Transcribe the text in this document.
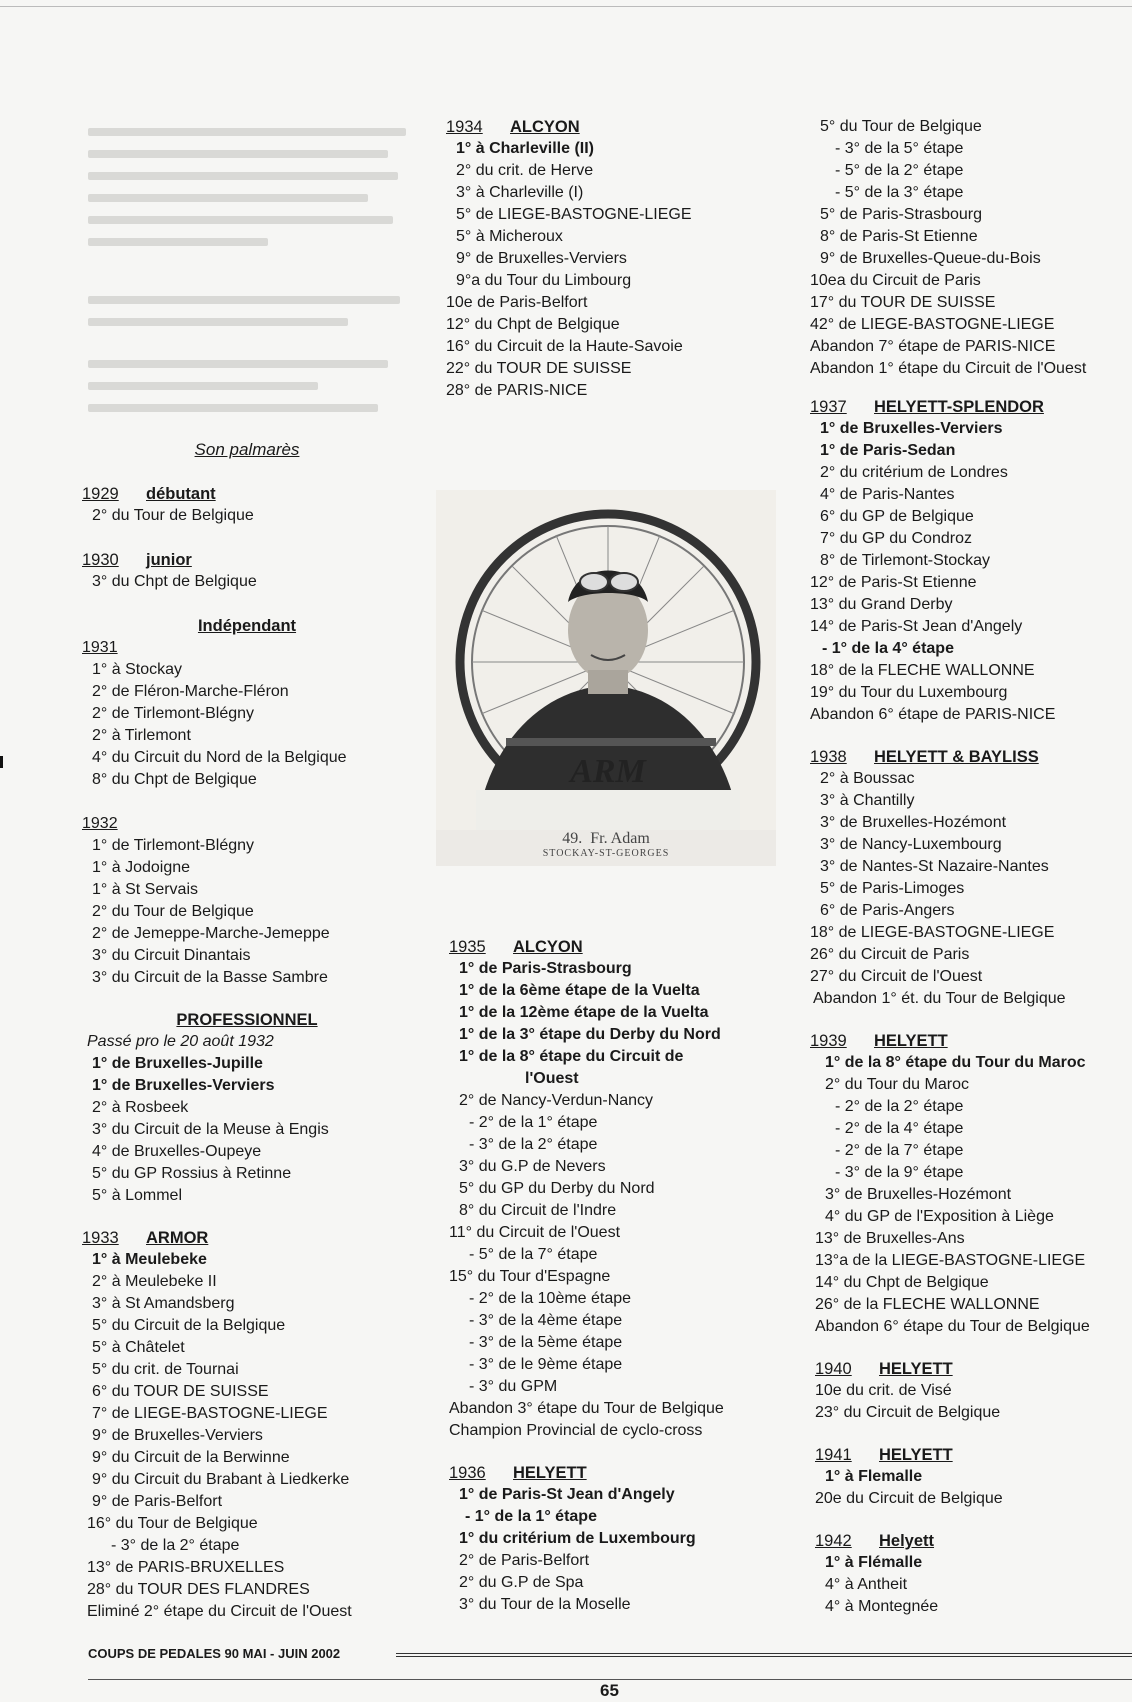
Son palmarès
1929 débutant
2° du Tour de Belgique
1930 junior
3° du Chpt de Belgique
Indépendant
1931
1° à Stockay
2° de Fléron-Marche-Fléron
2° de Tirlemont-Blégny
2° à Tirlemont
4° du Circuit du Nord de la Belgique
8° du Chpt de Belgique
1932
1° de Tirlemont-Blégny
1° à Jodoigne
1° à St Servais
2° du Tour de Belgique
2° de Jemeppe-Marche-Jemeppe
3° du Circuit Dinantais
3° du Circuit de la Basse Sambre
PROFESSIONNEL
Passé pro le 20 août 1932
1° de Bruxelles-Jupille
1° de Bruxelles-Verviers
2° à Rosbeek
3° du Circuit de la Meuse à Engis
4° de Bruxelles-Oupeye
5° du GP Rossius à Retinne
5° à Lommel
1933 ARMOR
1° à Meulebeke
2° à Meulebeke II
3° à St Amandsberg
5° du Circuit de la Belgique
5° à Châtelet
5° du crit. de Tournai
6° du TOUR DE SUISSE
7° de LIEGE-BASTOGNE-LIEGE
9° de Bruxelles-Verviers
9° du Circuit de la Berwinne
9° du Circuit du Brabant à Liedkerke
9° de Paris-Belfort
16° du Tour de Belgique
- 3° de la 2° étape
13° de PARIS-BRUXELLES
28° du TOUR DES FLANDRES
Eliminé 2° étape du Circuit de l'Ouest
1934 ALCYON
1° à Charleville (II)
2° du crit. de Herve
3° à Charleville (I)
5° de LIEGE-BASTOGNE-LIEGE
5° à Micheroux
9° de Bruxelles-Verviers
9°a du Tour du Limbourg
10e de Paris-Belfort
12° du Chpt de Belgique
16° du Circuit de la Haute-Savoie
22° du TOUR DE SUISSE
28° de PARIS-NICE
1935 ALCYON
1° de Paris-Strasbourg
1° de la 6ème étape de la Vuelta
1° de la 12ème étape de la Vuelta
1° de la 3° étape du Derby du Nord
1° de la 8° étape du Circuit de
l'Ouest
2° de Nancy-Verdun-Nancy
- 2° de la 1° étape
- 3° de la 2° étape
3° du G.P de Nevers
5° du GP du Derby du Nord
8° du Circuit de l'Indre
11° du Circuit de l'Ouest
- 5° de la 7° étape
15° du Tour d'Espagne
- 2° de la 10ème étape
- 3° de la 4ème étape
- 3° de la 5ème étape
- 3° de le 9ème étape
- 3° du GPM
Abandon 3° étape du Tour de Belgique
Champion Provincial de cyclo-cross
1936 HELYETT
1° de Paris-St Jean d'Angely
- 1° de la 1° étape
1° du critérium de Luxembourg
2° de Paris-Belfort
2° du G.P de Spa
3° du Tour de la Moselle
ARM
49. Fr. Adam
STOCKAY-ST-GEORGES
5° du Tour de Belgique
- 3° de la 5° étape
- 5° de la 2° étape
- 5° de la 3° étape
5° de Paris-Strasbourg
8° de Paris-St Etienne
9° de Bruxelles-Queue-du-Bois
10ea du Circuit de Paris
17° du TOUR DE SUISSE
42° de LIEGE-BASTOGNE-LIEGE
Abandon 7° étape de PARIS-NICE
Abandon 1° étape du Circuit de l'Ouest
1937 HELYETT-SPLENDOR
1° de Bruxelles-Verviers
1° de Paris-Sedan
2° du critérium de Londres
4° de Paris-Nantes
6° du GP de Belgique
7° du GP du Condroz
8° de Tirlemont-Stockay
12° de Paris-St Etienne
13° du Grand Derby
14° de Paris-St Jean d'Angely
- 1° de la 4° étape
18° de la FLECHE WALLONNE
19° du Tour du Luxembourg
Abandon 6° étape de PARIS-NICE
1938 HELYETT & BAYLISS
2° à Boussac
3° à Chantilly
3° de Bruxelles-Hozémont
3° de Nancy-Luxembourg
3° de Nantes-St Nazaire-Nantes
5° de Paris-Limoges
6° de Paris-Angers
18° de LIEGE-BASTOGNE-LIEGE
26° du Circuit de Paris
27° du Circuit de l'Ouest
Abandon 1° ét. du Tour de Belgique
1939 HELYETT
1° de la 8° étape du Tour du Maroc
2° du Tour du Maroc
- 2° de la 2° étape
- 2° de la 4° étape
- 2° de la 7° étape
- 3° de la 9° étape
3° de Bruxelles-Hozémont
4° du GP de l'Exposition à Liège
13° de Bruxelles-Ans
13°a de la LIEGE-BASTOGNE-LIEGE
14° du Chpt de Belgique
26° de la FLECHE WALLONNE
Abandon 6° étape du Tour de Belgique
1940 HELYETT
10e du crit. de Visé
23° du Circuit de Belgique
1941 HELYETT
1° à Flemalle
20e du Circuit de Belgique
1942 Helyett
1° à Flémalle
4° à Antheit
4° à Montegnée
COUPS DE PEDALES 90 MAI - JUIN 2002
65
